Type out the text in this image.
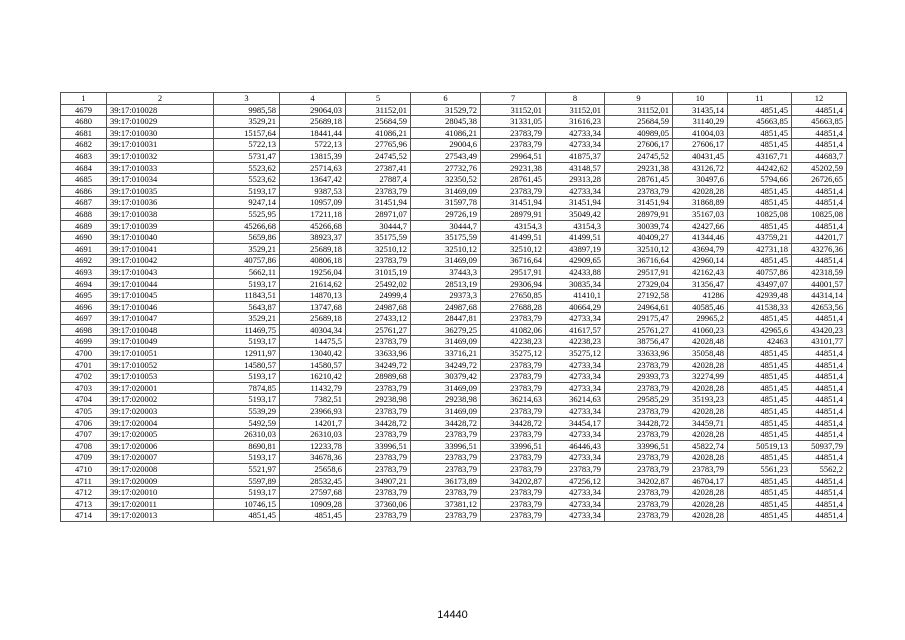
1	2	3	4	5	6	7	8	9	10	11	12
4679	39:17:010028	9985,58	29064,03	31152,01	31529,72	31152,01	31152,01	31152,01	31435,14	4851,45	44851,4
4680	39:17:010029	3529,21	25689,18	25684,59	28045,38	31331,05	31616,23	25684,59	31140,29	45663,85	45663,85
4681	39:17:010030	15157,64	18441,44	41086,21	41086,21	23783,79	42733,34	40989,05	41004,03	4851,45	44851,4
4682	39:17:010031	5722,13	5722,13	27765,96	29004,6	23783,79	42733,34	27606,17	27606,17	4851,45	44851,4
4683	39:17:010032	5731,47	13815,39	24745,52	27543,49	29964,51	41875,37	24745,52	40431,45	43167,71	44683,7
4684	39:17:010033	5523,62	25714,63	27387,41	27732,76	29231,38	43148,57	29231,38	43126,72	44242,62	45202,59
4685	39:17:010034	5523,62	13647,42	27887,4	32350,52	28761,45	29313,28	28761,45	30497,6	5794,66	26726,65
4686	39:17:010035	5193,17	9387,53	23783,79	31469,09	23783,79	42733,34	23783,79	42028,28	4851,45	44851,4
4687	39:17:010036	9247,14	10957,09	31451,94	31597,78	31451,94	31451,94	31451,94	31868,89	4851,45	44851,4
4688	39:17:010038	5525,95	17211,18	28971,07	29726,19	28979,91	35049,42	28979,91	35167,03	10825,08	10825,08
4689	39:17:010039	45266,68	45266,68	30444,7	30444,7	43154,3	43154,3	30039,74	42427,66	4851,45	44851,4
4690	39:17:010040	5659,86	38923,37	35175,59	35175,59	41499,51	41499,51	40409,27	41344,46	43759,21	44201,7
4691	39:17:010041	3529,21	25689,18	32510,12	32510,12	32510,12	43897,19	32510,12	43694,79	42731,18	43276,36
4692	39:17:010042	40757,86	40806,18	23783,79	31469,09	36716,64	42909,65	36716,64	42960,14	4851,45	44851,4
4693	39:17:010043	5662,11	19256,04	31015,19	37443,3	29517,91	42433,88	29517,91	42162,43	40757,86	42318,59
4694	39:17:010044	5193,17	21614,62	25492,02	28513,19	29306,94	30835,34	27329,04	31356,47	43497,07	44001,57
4695	39:17:010045	11843,51	14870,13	24999,4	29373,3	27650,85	41410,1	27192,58	41286	42939,48	44314,14
4696	39:17:010046	5643,87	13747,68	24987,68	24987,68	27688,28	40664,29	24964,61	40585,46	41538,33	42653,56
4697	39:17:010047	3529,21	25689,18	27433,12	28447,81	23783,79	42733,34	29175,47	29965,2	4851,45	44851,4
4698	39:17:010048	11469,75	40304,34	25761,27	36279,25	41082,06	41617,57	25761,27	41060,23	42965,6	43420,23
4699	39:17:010049	5193,17	14475,5	23783,79	31469,09	42238,23	42238,23	38756,47	42028,48	42463	43101,77
4700	39:17:010051	12911,97	13040,42	33633,96	33716,21	35275,12	35275,12	33633,96	35058,48	4851,45	44851,4
4701	39:17:010052	14580,57	14580,57	34249,72	34249,72	23783,79	42733,34	23783,79	42028,28	4851,45	44851,4
4702	39:17:010053	5193,17	16210,42	28989,68	30379,42	23783,79	42733,34	29393,73	32274,99	4851,45	44851,4
4703	39:17:020001	7874,85	11432,79	23783,79	31469,09	23783,79	42733,34	23783,79	42028,28	4851,45	44851,4
4704	39:17:020002	5193,17	7382,51	29238,98	29238,98	36214,63	36214,63	29585,29	35193,23	4851,45	44851,4
4705	39:17:020003	5539,29	23966,93	23783,79	31469,09	23783,79	42733,34	23783,79	42028,28	4851,45	44851,4
4706	39:17:020004	5492,59	14201,7	34428,72	34428,72	34428,72	34454,17	34428,72	34459,71	4851,45	44851,4
4707	39:17:020005	26310,03	26310,03	23783,79	23783,79	23783,79	42733,34	23783,79	42028,28	4851,45	44851,4
4708	39:17:020006	8690,81	12233,78	33996,51	33996,51	33996,51	46446,43	33996,51	45822,74	50519,13	50937,79
4709	39:17:020007	5193,17	34678,36	23783,79	23783,79	23783,79	42733,34	23783,79	42028,28	4851,45	44851,4
4710	39:17:020008	5521,97	25658,6	23783,79	23783,79	23783,79	23783,79	23783,79	23783,79	5561,23	5562,2
4711	39:17:020009	5597,89	28532,45	34907,21	36173,89	34202,87	47256,12	34202,87	46704,17	4851,45	44851,4
4712	39:17:020010	5193,17	27597,68	23783,79	23783,79	23783,79	42733,34	23783,79	42028,28	4851,45	44851,4
4713	39:17:020011	10746,15	10909,28	37360,06	37381,12	23783,79	42733,34	23783,79	42028,28	4851,45	44851,4
4714	39:17:020013	4851,45	4851,45	23783,79	23783,79	23783,79	42733,34	23783,79	42028,28	4851,45	44851,4
14440
